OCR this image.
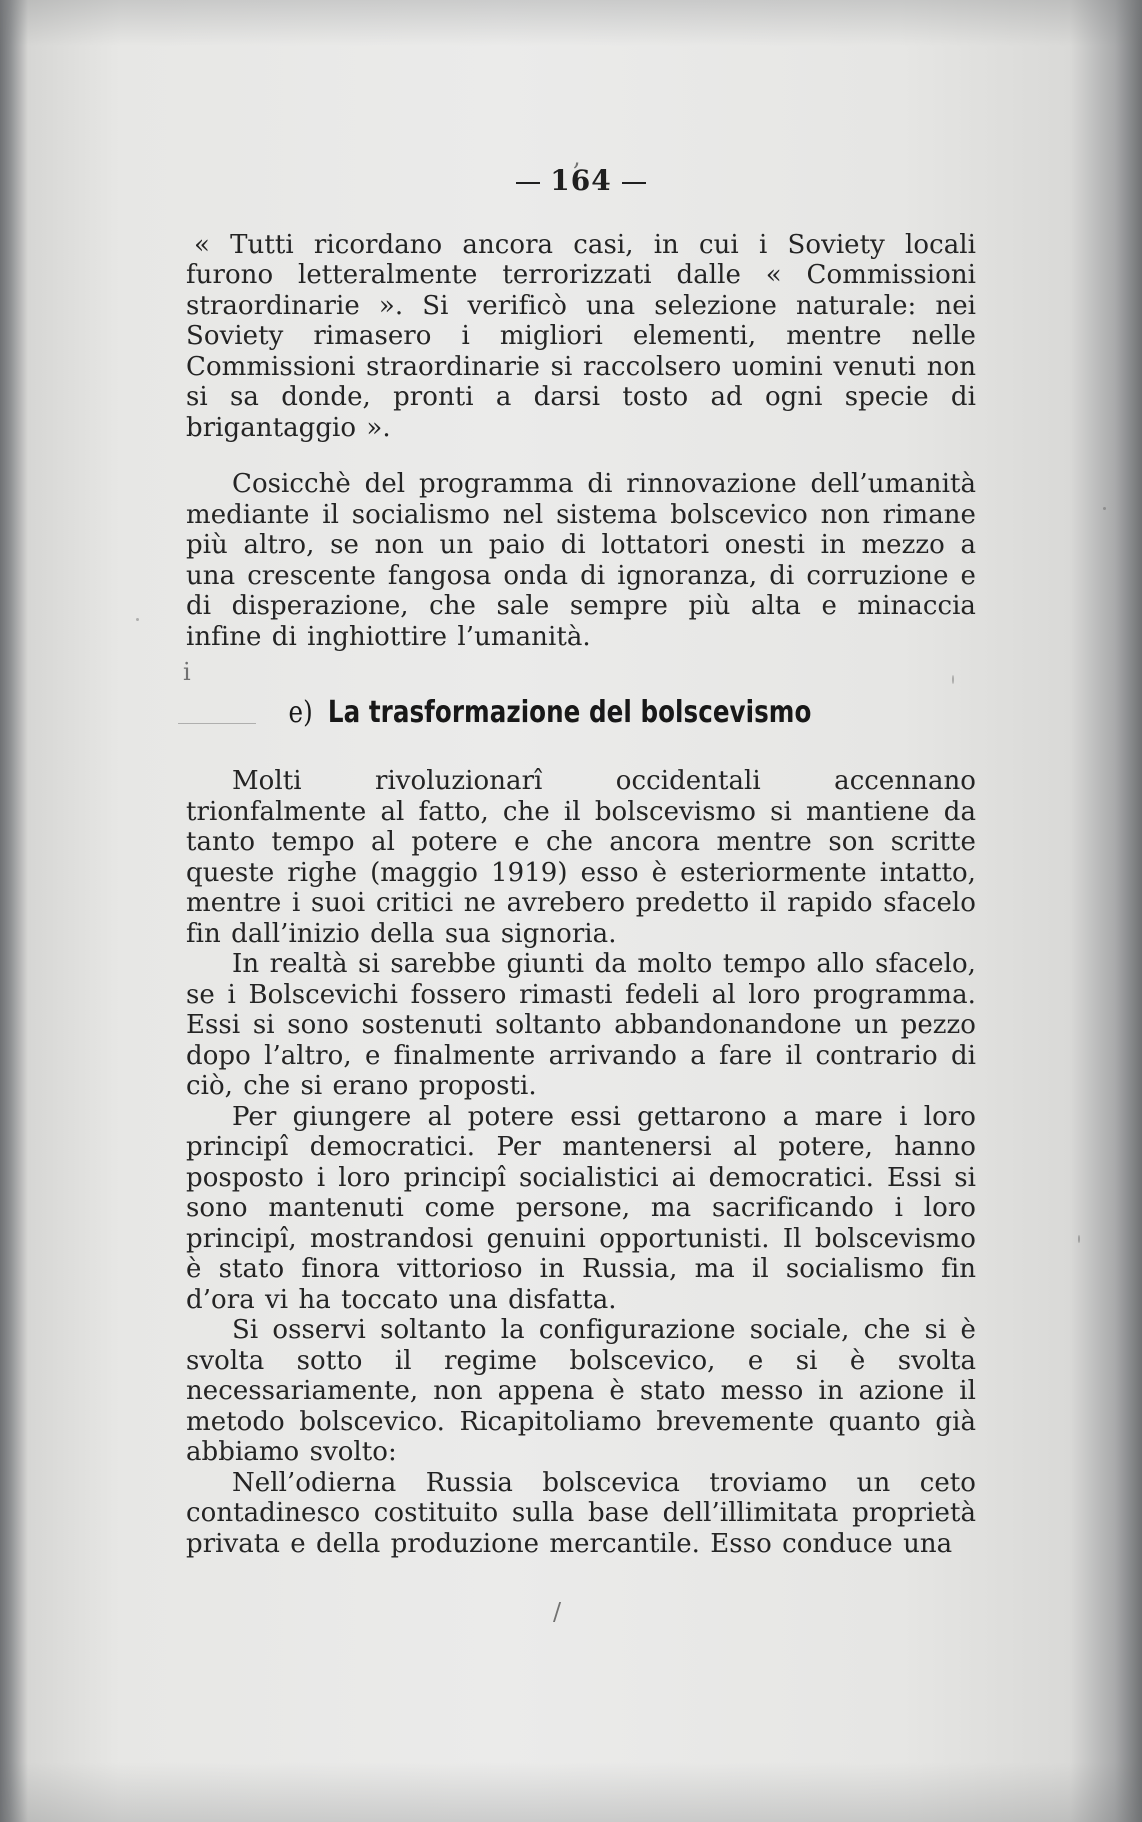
,
i
/
164

« Tutti ricordano ancora casi, in cui i Soviety locali furono letteralmente terrorizzati dalle « Commissioni straordinarie ». Si verificò una selezione naturale: nei Soviety rimasero i migliori elementi, mentre nelle Commissioni straordinarie si raccolsero uomini venuti non si sa donde, pronti a darsi tosto ad ogni specie di brigantaggio ».

Cosicchè del programma di rinnovazione dell’umanità mediante il socialismo nel sistema bolscevico non rimane più altro, se non un paio di lottatori onesti in mezzo a una crescente fangosa onda di ignoranza, di corruzione e di disperazione, che sale sempre più alta e minaccia infine di inghiottire l’umanità.

e) La trasformazione del bolscevismo

Molti rivoluzionarî occidentali accennano trionfalmente al fatto, che il bolscevismo si mantiene da tanto tempo al potere e che ancora mentre son scritte queste righe (maggio 1919) esso è esteriormente intatto, mentre i suoi critici ne avrebero predetto il rapido sfacelo fin dall’inizio della sua signoria.

In realtà si sarebbe giunti da molto tempo allo sfacelo, se i Bolscevichi fossero rimasti fedeli al loro programma. Essi si sono sostenuti soltanto abbandonandone un pezzo dopo l’altro, e finalmente arrivando a fare il contrario di ciò, che si erano proposti.

Per giungere al potere essi gettarono a mare i loro principî democratici. Per mantenersi al potere, hanno posposto i loro principî socialistici ai democratici. Essi si sono mantenuti come persone, ma sacrificando i loro principî, mostrandosi genuini opportunisti. Il bolscevismo è stato finora vittorioso in Russia, ma il socialismo fin d’ora vi ha toccato una disfatta.

Si osservi soltanto la configurazione sociale, che si è svolta sotto il regime bolscevico, e si è svolta necessariamente, non appena è stato messo in azione il metodo bolscevico. Ricapitoliamo brevemente quanto già abbiamo svolto:

Nell’odierna Russia bolscevica troviamo un ceto contadinesco costituito sulla base dell’illimitata proprietà privata e della produzione mercantile. Esso conduce una
